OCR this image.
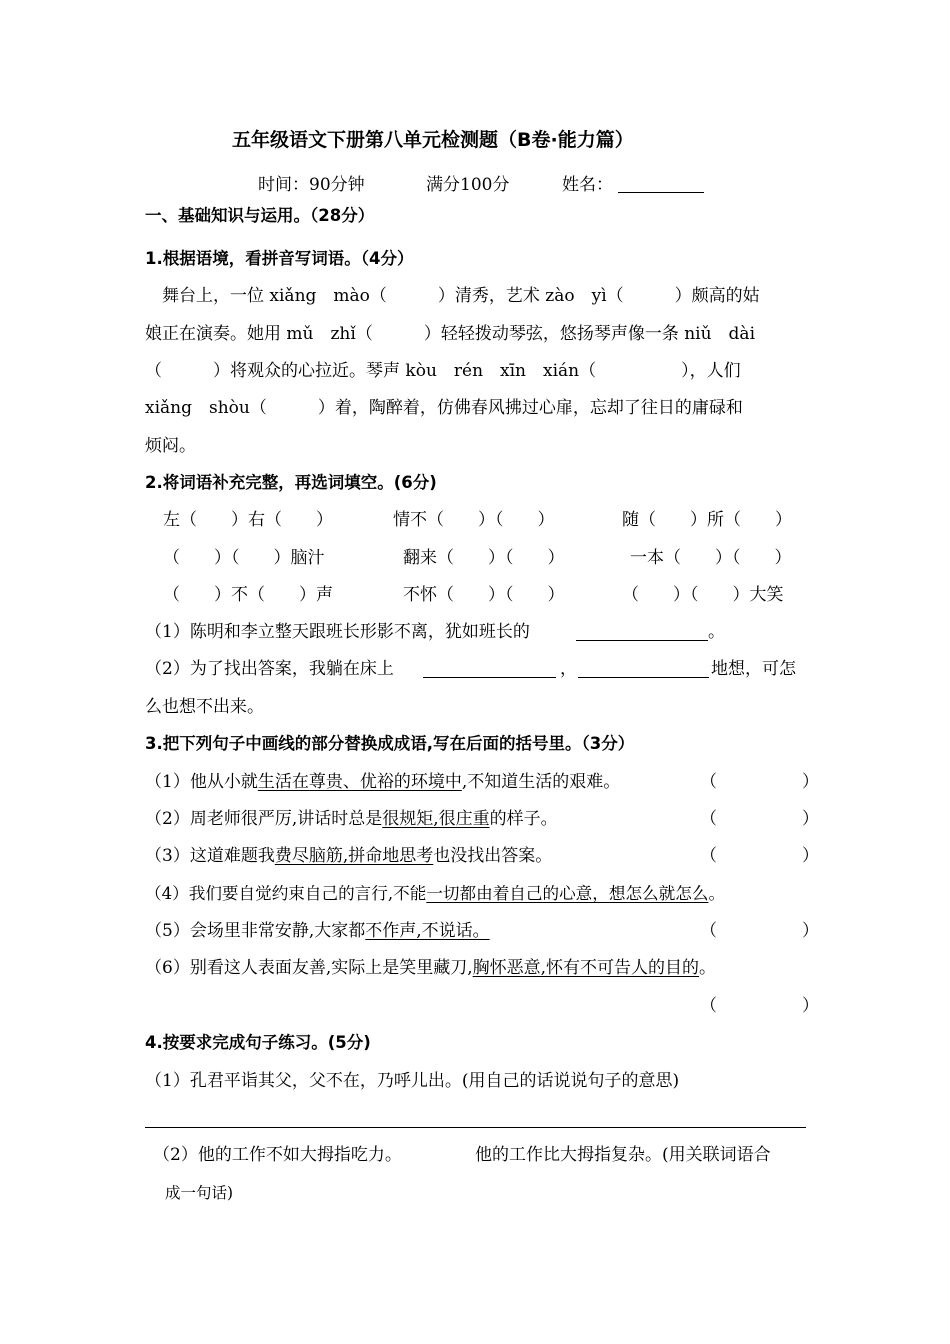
五年级语文下册第八单元检测题（B卷·能力篇）
时间：90分钟	满分100分	姓名：
一、基础知识与运用。（28分）
1.根据语境，看拼音写词语。（4分）
　舞台上，一位 xiǎng　mào（　　　）清秀，艺术 zào　yì（　　　）颇高的姑
娘正在演奏。她用 mǔ　zhǐ（　　　）轻轻拨动琴弦，悠扬琴声像一条 niǔ　dài
（　　　）将观众的心拉近。琴声 kòu　rén　xīn　xián（　　　　　），人们
xiǎng　shòu（　　　）着，陶醉着，仿佛春风拂过心扉，忘却了往日的庸碌和
烦闷。
2.将词语补充完整，再选词填空。(6分)
左（　　）右（　　）	情不（　　）（　　）	随（　　）所（　　）
（　　）（　　）脑汁	翻来（　　）（　　）	一本（　　）（　　）
（　　）不（　　）声	不怀（　　）（　　）	（　　）（　　）大笑
（1）陈明和李立整天跟班长形影不离，犹如班长的	。
（2）为了找出答案，我躺在床上	，	地想，可怎
么也想不出来。
3.把下列句子中画线的部分替换成成语,写在后面的括号里。（3分）
（1）他从小就生活在尊贵、优裕的环境中,不知道生活的艰难。	（　　　　　）
（2）周老师很严厉,讲话时总是很规矩,很庄重的样子。	（　　　　　）
（3）这道难题我费尽脑筋,拼命地思考也没找出答案。	（　　　　　）
（4）我们要自觉约束自己的言行,不能一切都由着自己的心意，想怎么就怎么。
（5）会场里非常安静,大家都不作声,不说话。	（　　　　　）
（6）别看这人表面友善,实际上是笑里藏刀,胸怀恶意,怀有不可告人的目的。
（　　　　　）
4.按要求完成句子练习。(5分)
（1）孔君平诣其父，父不在，乃呼儿出。(用自己的话说说句子的意思)
（2）他的工作不如大拇指吃力。	他的工作比大拇指复杂。(用关联词语合
成一句话)
